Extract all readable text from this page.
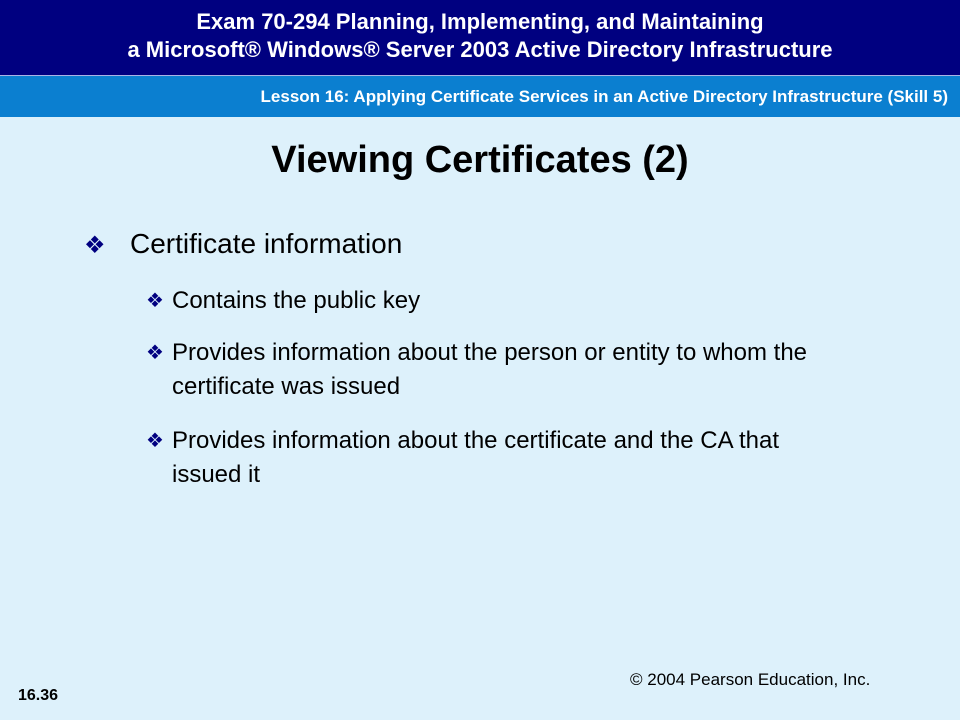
Exam 70-294 Planning, Implementing, and Maintaining
a Microsoft® Windows® Server 2003 Active Directory Infrastructure
Lesson 16: Applying Certificate Services in an Active Directory Infrastructure (Skill 5)
Viewing Certificates (2)
❖ Certificate information
❖ Contains the public key
❖ Provides information about the person or entity to whom the certificate was issued
❖ Provides information about the certificate and the CA that issued it
16.36
© 2004 Pearson Education, Inc.
